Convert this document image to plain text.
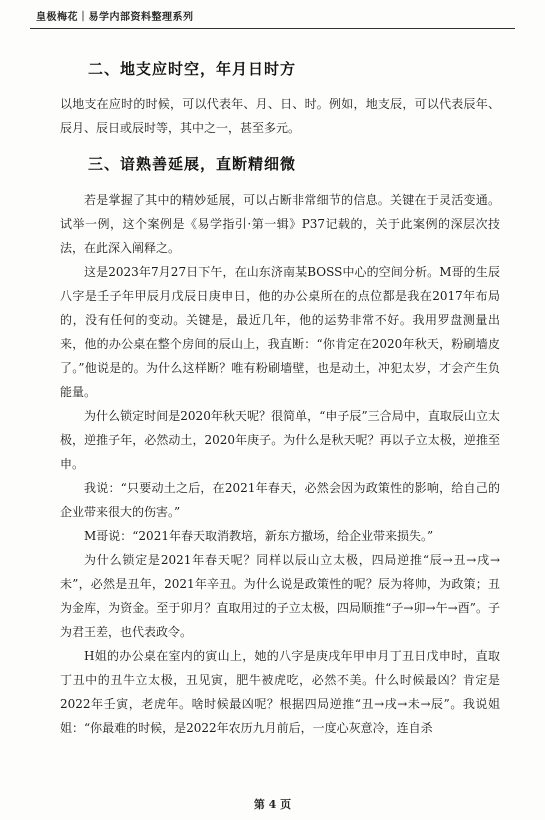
皇极梅花｜易学内部资料整理系列
二、地支应时空，年月日时方

以地支在应时的时候，可以代表年、月、日、时。例如，地支辰，可以代表辰年、辰月、辰日或辰时等，其中之一，甚至多元。

三、谙熟善延展，直断精细微

若是掌握了其中的精妙延展，可以占断非常细节的信息。关键在于灵活变通。试举一例，这个案例是《易学指引·第一辑》P37记载的，关于此案例的深层次技法，在此深入阐释之。

这是2023年7月27日下午，在山东济南某BOSS中心的空间分析。M哥的生辰八字是壬子年甲辰月戊辰日庚申日，他的办公桌所在的点位都是我在2017年布局的，没有任何的变动。关键是，最近几年，他的运势非常不好。我用罗盘测量出来，他的办公桌在整个房间的辰山上，我直断：“你肯定在2020年秋天，粉刷墙皮了。”他说是的。为什么这样断？唯有粉刷墙壁，也是动土，冲犯太岁，才会产生负能量。

为什么锁定时间是2020年秋天呢？很简单，“申子辰”三合局中，直取辰山立太极，逆推子年，必然动土，2020年庚子。为什么是秋天呢？再以子立太极，逆推至申。

我说：“只要动土之后，在2021年春天，必然会因为政策性的影响，给自己的企业带来很大的伤害。”

M哥说：“2021年春天取消教培，新东方撤场，给企业带来损失。”

为什么锁定是2021年春天呢？同样以辰山立太极，四局逆推“辰→丑→戌→未”，必然是丑年，2021年辛丑。为什么说是政策性的呢？辰为将帅，为政策；丑为金库，为资金。至于卯月？直取用过的子立太极，四局顺推“子→卯→午→酉”。子为君王差，也代表政令。

H姐的办公桌在室内的寅山上，她的八字是庚戌年甲申月丁丑日戊申时，直取丁丑中的丑牛立太极，丑见寅，肥牛被虎吃，必然不美。什么时候最凶？肯定是2022年壬寅，老虎年。啥时候最凶呢？根据四局逆推“丑→戌→未→辰”。我说姐姐：“你最难的时候，是2022年农历九月前后，一度心灰意冷，连自杀

第 4 页
